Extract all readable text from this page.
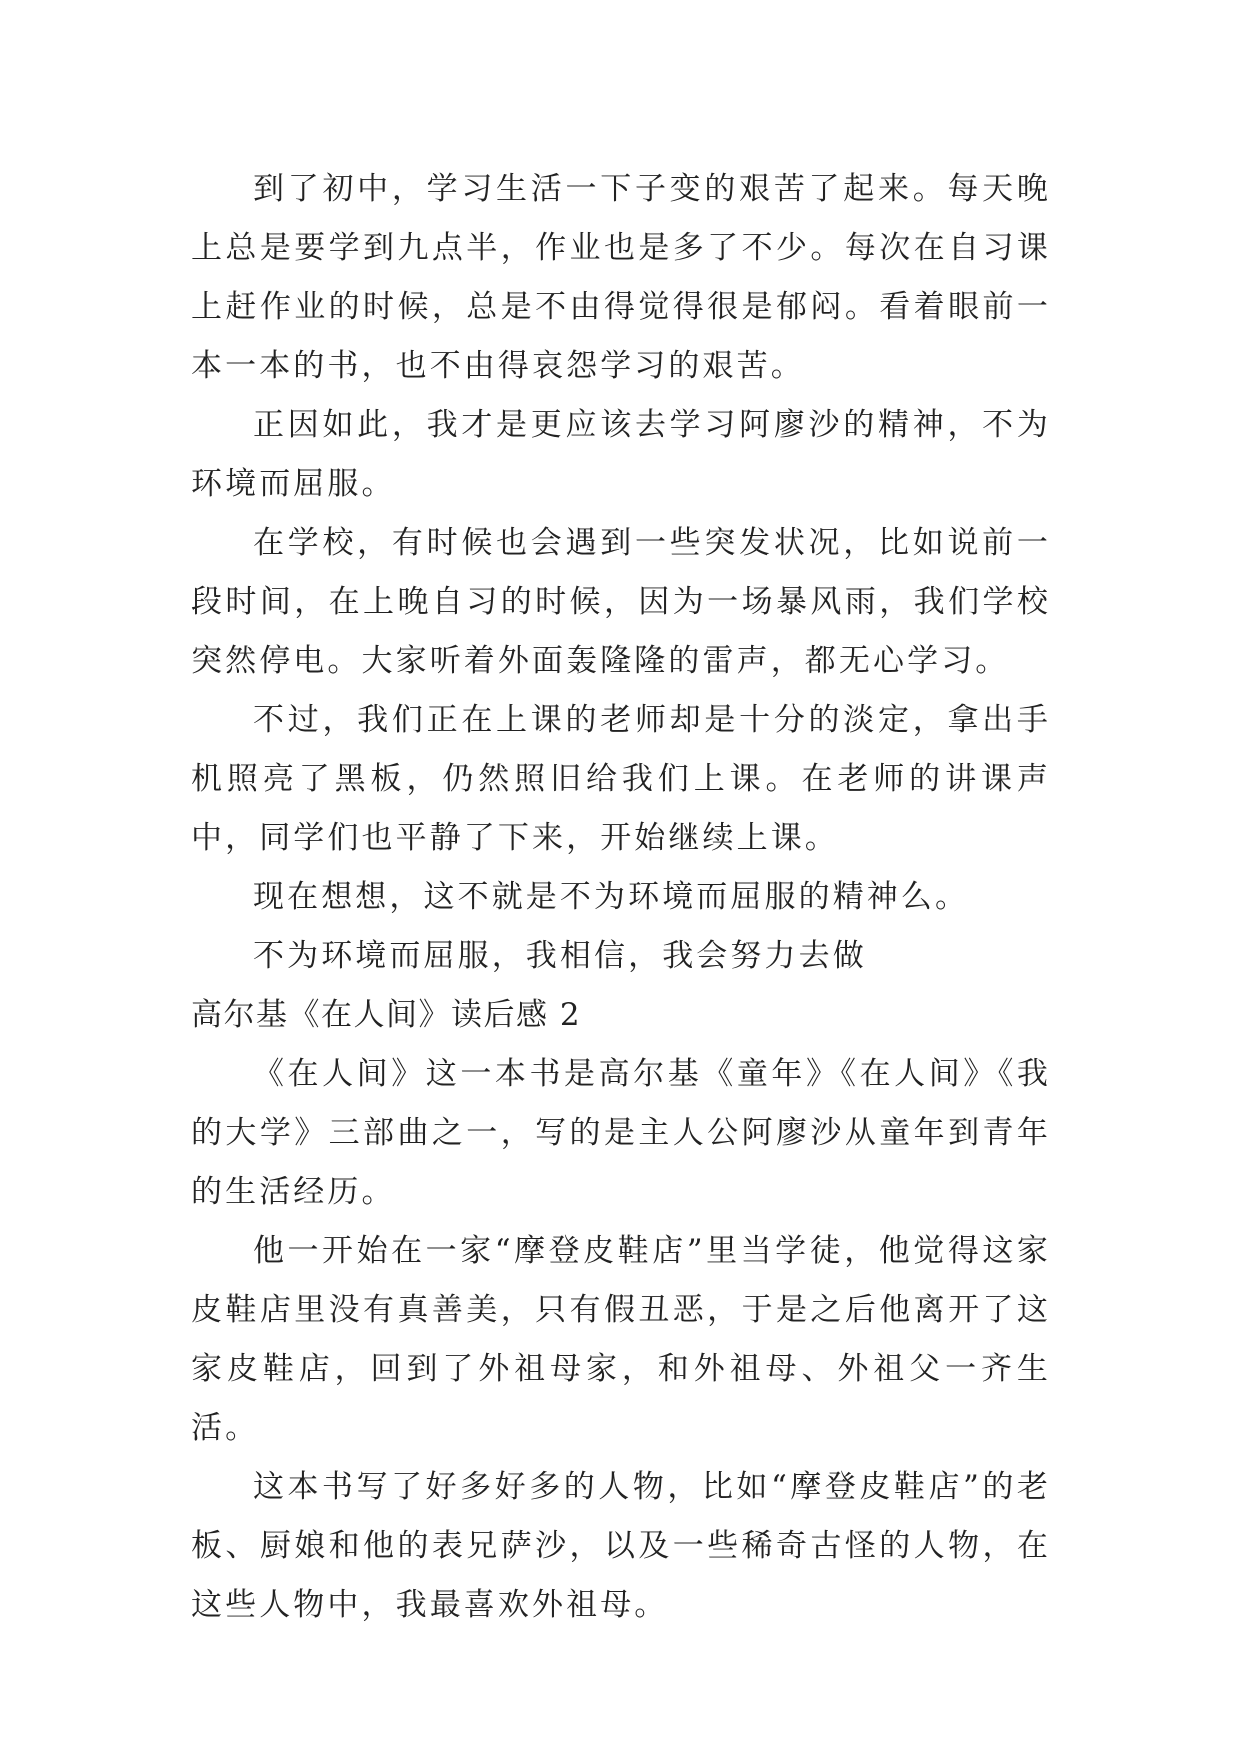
到了初中，学习生活一下子变的艰苦了起来。每天晚上总是要学到九点半，作业也是多了不少。每次在自习课上赶作业的时候，总是不由得觉得很是郁闷。看着眼前一本一本的书，也不由得哀怨学习的艰苦。

正因如此，我才是更应该去学习阿廖沙的精神，不为环境而屈服。

在学校，有时候也会遇到一些突发状况，比如说前一段时间，在上晚自习的时候，因为一场暴风雨，我们学校突然停电。大家听着外面轰隆隆的雷声，都无心学习。

不过，我们正在上课的老师却是十分的淡定，拿出手机照亮了黑板，仍然照旧给我们上课。在老师的讲课声中，同学们也平静了下来，开始继续上课。

现在想想，这不就是不为环境而屈服的精神么。

不为环境而屈服，我相信，我会努力去做

高尔基《在人间》读后感 2

《在人间》这一本书是高尔基《童年》《在人间》《我的大学》三部曲之一，写的是主人公阿廖沙从童年到青年的生活经历。

他一开始在一家“摩登皮鞋店”里当学徒，他觉得这家皮鞋店里没有真善美，只有假丑恶，于是之后他离开了这家皮鞋店，回到了外祖母家，和外祖母、外祖父一齐生活。

这本书写了好多好多的人物，比如“摩登皮鞋店”的老板、厨娘和他的表兄萨沙，以及一些稀奇古怪的人物，在这些人物中，我最喜欢外祖母。
